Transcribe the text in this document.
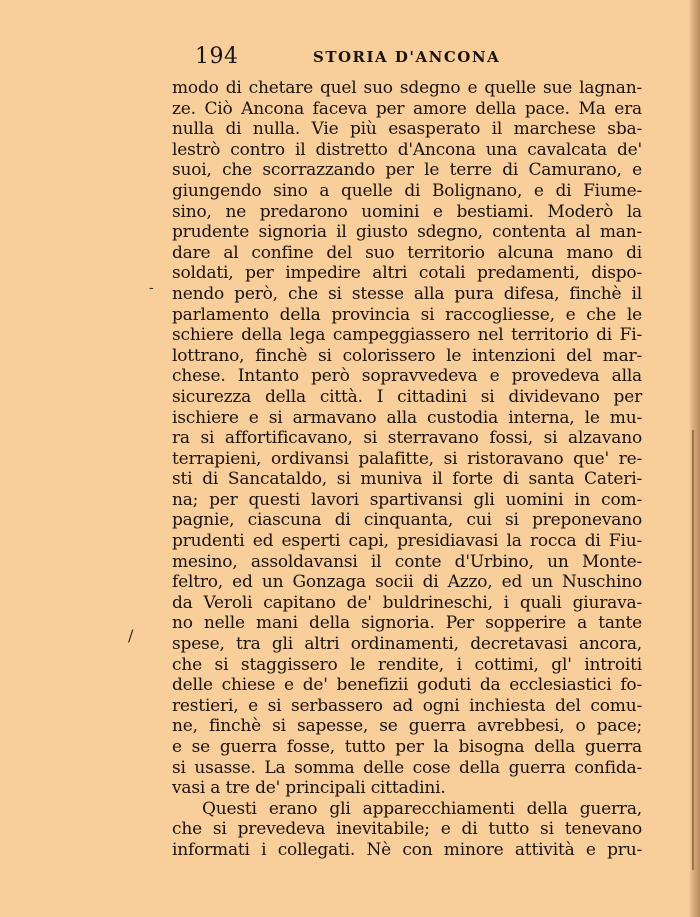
194	STORIA D'ANCONA
-
/
modo di chetare quel suo sdegno e quelle sue lagnan-
ze. Ciò Ancona faceva per amore della pace. Ma era
nulla di nulla. Vie più esasperato il marchese sba-
lestrò contro il distretto d'Ancona una cavalcata de'
suoi, che scorrazzando per le terre di Camurano, e
giungendo sino a quelle di Bolignano, e di Fiume-
sino, ne predarono uomini e bestiami. Moderò la
prudente signoria il giusto sdegno, contenta al man-
dare al confine del suo territorio alcuna mano di
soldati, per impedire altri cotali predamenti, dispo-
nendo però, che si stesse alla pura difesa, finchè il
parlamento della provincia si raccogliesse, e che le
schiere della lega campeggiassero nel territorio di Fi-
lottrano, finchè si colorissero le intenzioni del mar-
chese. Intanto però sopravvedeva e provedeva alla
sicurezza della città. I cittadini si dividevano per
ischiere e si armavano alla custodia interna, le mu-
ra si affortificavano, si sterravano fossi, si alzavano
terrapieni, ordivansi palafitte, si ristoravano que' re-
sti di Sancataldo, si muniva il forte di santa Cateri-
na; per questi lavori spartivansi gli uomini in com-
pagnie, ciascuna di cinquanta, cui si preponevano
prudenti ed esperti capi, presidiavasi la rocca di Fiu-
mesino, assoldavansi il conte d'Urbino, un Monte-
feltro, ed un Gonzaga socii di Azzo, ed un Nuschino
da Veroli capitano de' buldrineschi, i quali giurava-
no nelle mani della signoria. Per sopperire a tante
spese, tra gli altri ordinamenti, decretavasi ancora,
che si staggissero le rendite, i cottimi, gl' introiti
delle chiese e de' benefizii goduti da ecclesiastici fo-
restieri, e si serbassero ad ogni inchiesta del comu-
ne, finchè si sapesse, se guerra avrebbesi, o pace;
e se guerra fosse, tutto per la bisogna della guerra
si usasse. La somma delle cose della guerra confida-
vasi a tre de' principali cittadini.
Questi erano gli apparecchiamenti della guerra,
che si prevedeva inevitabile; e di tutto si tenevano
informati i collegati. Nè con minore attività e pru-
